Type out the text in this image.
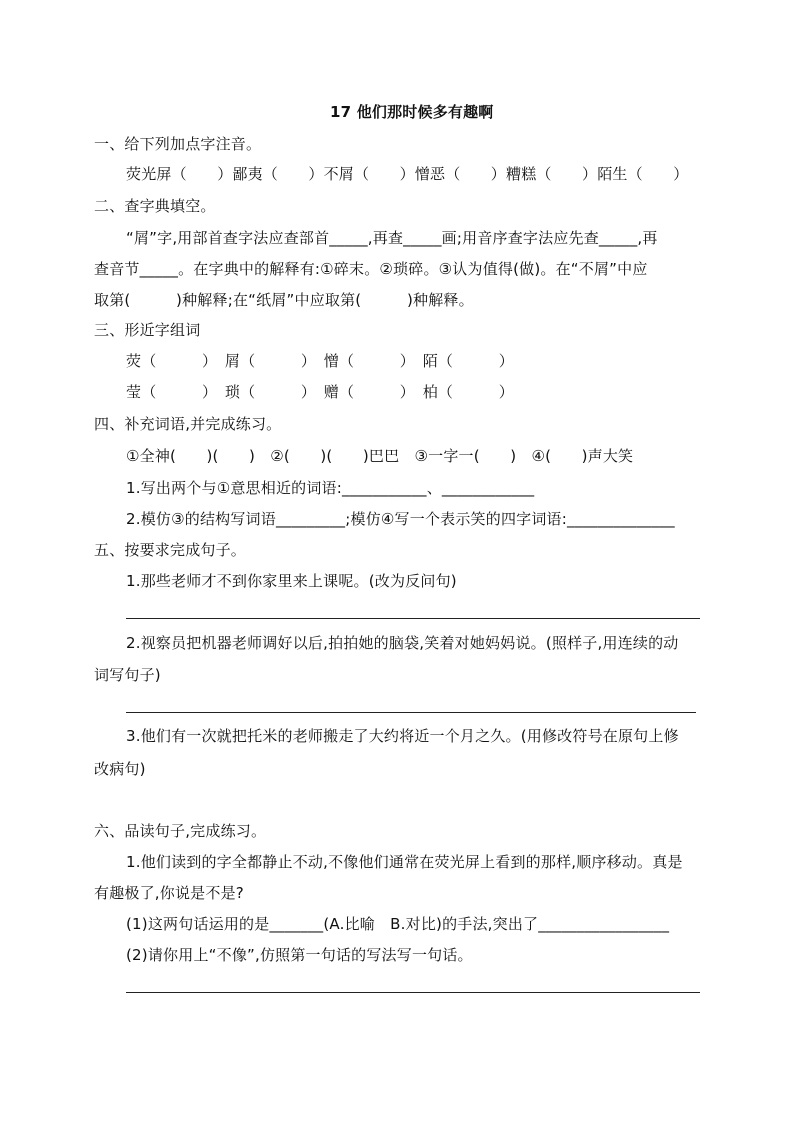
17 他们那时候多有趣啊
一、给下列加点字注音。
荧光屏（　　）鄙夷（　　）不屑（　　）憎恶（　　）糟糕（　　）陌生（　　）
二、查字典填空。
“屑”字,用部首查字法应查部首_____,再查_____画;用音序查字法应先查_____,再
查音节_____。在字典中的解释有:①碎末。②琐碎。③认为值得(做)。在“不屑”中应
取第(　　　)种解释;在“纸屑”中应取第(　　　)种解释。
三、形近字组词
荧（　　　）　屑（　　　）　憎（　　　）　陌（　　　）
莹（　　　）　琐（　　　）　赠（　　　）　柏（　　　）
四、补充词语,并完成练习。
①全神(　　)(　　)　②(　　)(　　)巴巴　③一字一(　　)　④(　　)声大笑
1.写出两个与①意思相近的词语:___________、____________
2.模仿③的结构写词语_________;模仿④写一个表示笑的四字词语:______________
五、按要求完成句子。
1.那些老师才不到你家里来上课呢。(改为反问句)
2.视察员把机器老师调好以后,拍拍她的脑袋,笑着对她妈妈说。(照样子,用连续的动
词写句子)
3.他们有一次就把托米的老师搬走了大约将近一个月之久。(用修改符号在原句上修
改病句)
六、品读句子,完成练习。
1.他们读到的字全都静止不动,不像他们通常在荧光屏上看到的那样,顺序移动。真是
有趣极了,你说是不是?
(1)这两句话运用的是_______(A.比喻　B.对比)的手法,突出了_________________
(2)请你用上“不像”,仿照第一句话的写法写一句话。
